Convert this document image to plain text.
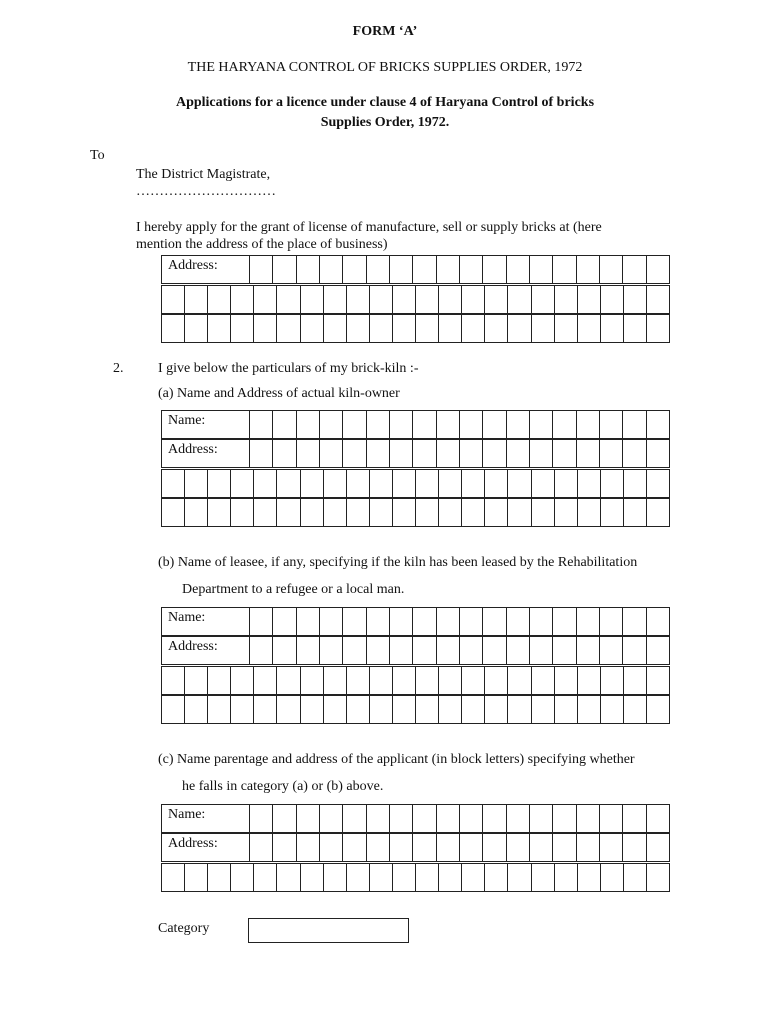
FORM ‘A’
THE HARYANA CONTROL OF BRICKS SUPPLIES ORDER, 1972
Applications for a licence under clause 4 of Haryana Control of bricks
Supplies Order, 1972.
To
The District Magistrate,
…………………………
I hereby apply for the grant of license of manufacture, sell or supply bricks at (here
mention the address of the place of business)
Address:
2. I give below the particulars of my brick-kiln :-
(a) Name and Address of actual kiln-owner
Name:
Address:
(b) Name of leasee, if any, specifying if the kiln has been leased by the Rehabilitation
Department to a refugee or a local man.
Name:
Address:
(c) Name parentage and address of the applicant (in block letters) specifying whether
he falls in category (a) or (b) above.
Name:
Address:
Category
